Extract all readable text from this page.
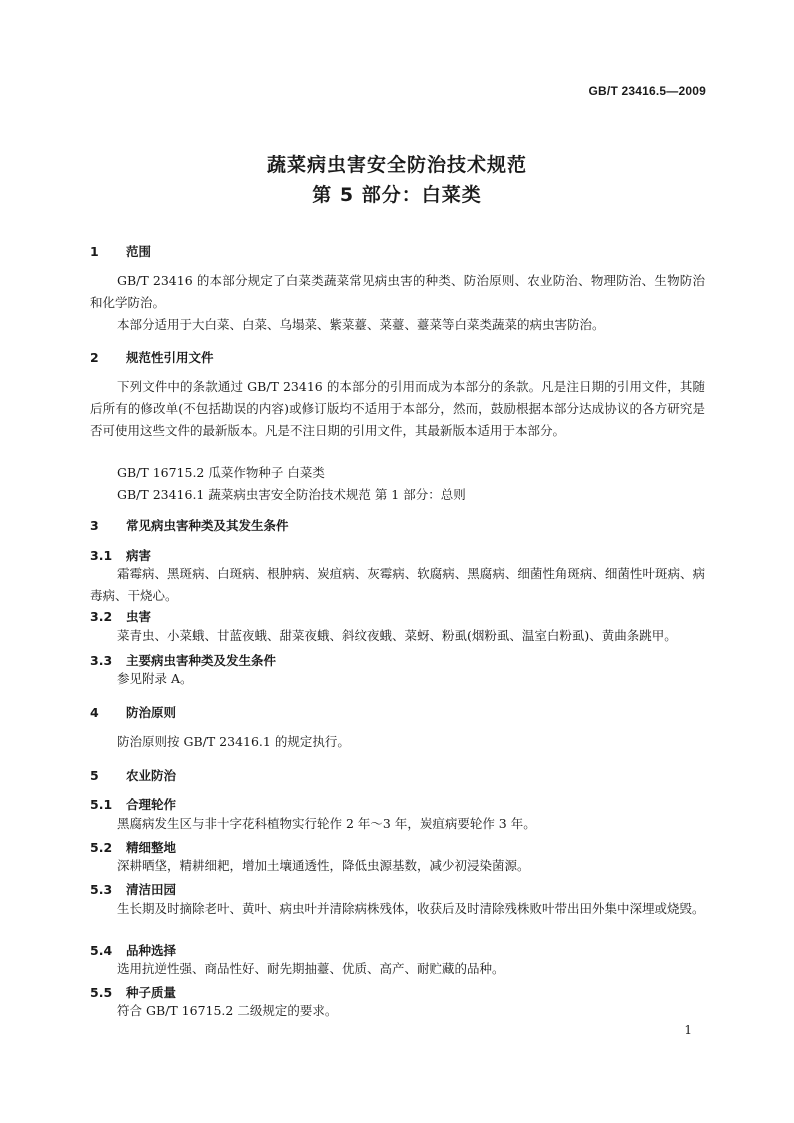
GB/T 23416.5—2009
蔬菜病虫害安全防治技术规范
第 5 部分：白菜类
1 范围
GB/T 23416 的本部分规定了白菜类蔬菜常见病虫害的种类、防治原则、农业防治、物理防治、生物防治和化学防治。
本部分适用于大白菜、白菜、乌塌菜、紫菜薹、菜薹、薹菜等白菜类蔬菜的病虫害防治。
2 规范性引用文件
下列文件中的条款通过 GB/T 23416 的本部分的引用而成为本部分的条款。凡是注日期的引用文件，其随后所有的修改单(不包括勘误的内容)或修订版均不适用于本部分，然而，鼓励根据本部分达成协议的各方研究是否可使用这些文件的最新版本。凡是不注日期的引用文件，其最新版本适用于本部分。
GB/T 16715.2 瓜菜作物种子 白菜类
GB/T 23416.1 蔬菜病虫害安全防治技术规范 第 1 部分：总则
3 常见病虫害种类及其发生条件
3.1 病害
霜霉病、黑斑病、白斑病、根肿病、炭疽病、灰霉病、软腐病、黑腐病、细菌性角斑病、细菌性叶斑病、病毒病、干烧心。
3.2 虫害
菜青虫、小菜蛾、甘蓝夜蛾、甜菜夜蛾、斜纹夜蛾、菜蚜、粉虱(烟粉虱、温室白粉虱)、黄曲条跳甲。
3.3 主要病虫害种类及发生条件
参见附录 A。
4 防治原则
防治原则按 GB/T 23416.1 的规定执行。
5 农业防治
5.1 合理轮作
黑腐病发生区与非十字花科植物实行轮作 2 年～3 年，炭疽病要轮作 3 年。
5.2 精细整地
深耕晒垡，精耕细耙，增加土壤通透性，降低虫源基数，减少初浸染菌源。
5.3 清洁田园
生长期及时摘除老叶、黄叶、病虫叶并清除病株残体，收获后及时清除残株败叶带出田外集中深埋或烧毁。
5.4 品种选择
选用抗逆性强、商品性好、耐先期抽薹、优质、高产、耐贮藏的品种。
5.5 种子质量
符合 GB/T 16715.2 二级规定的要求。
1
